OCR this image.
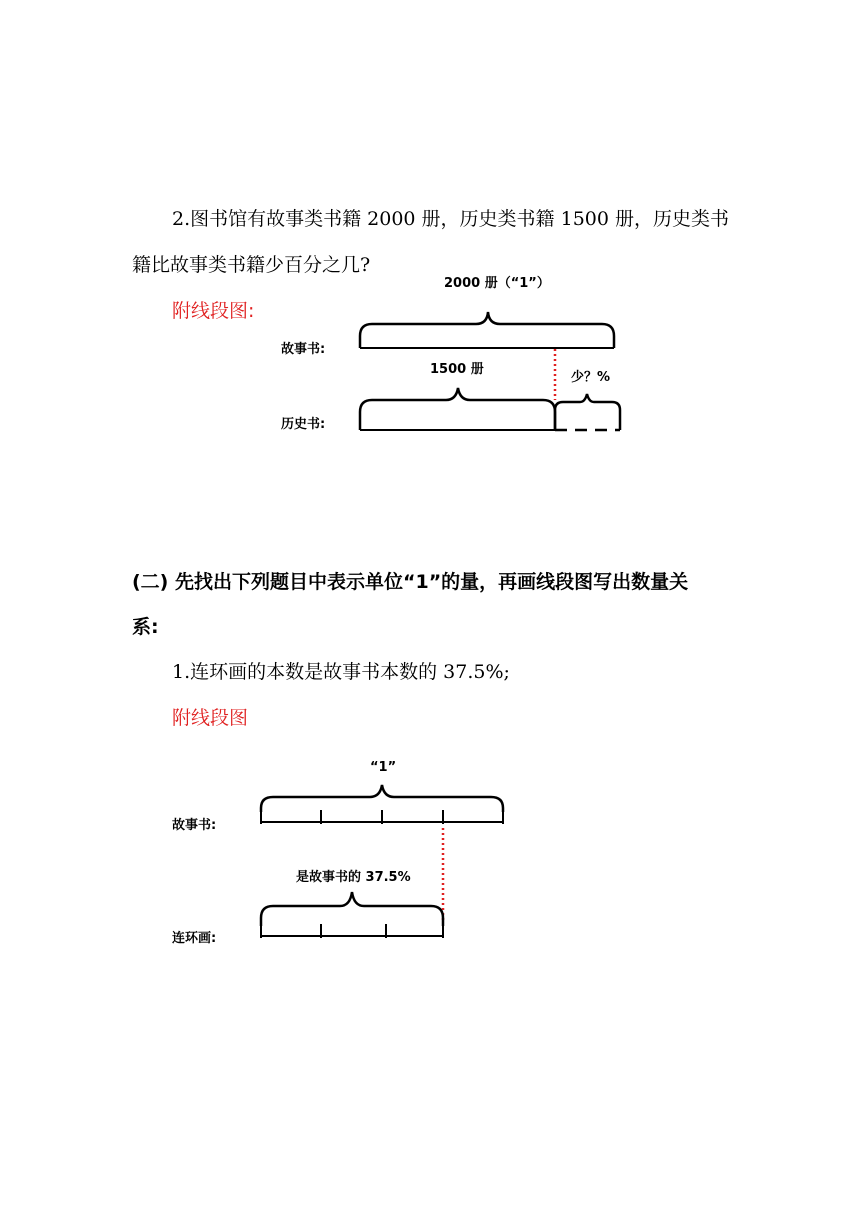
2.图书馆有故事类书籍 2000 册，历史类书籍 1500 册，历史类书
籍比故事类书籍少百分之几?
附线段图:
2000 册（“1”）
故事书:
1500 册
少？%
历史书:
(二) 先找出下列题目中表示单位“1”的量，再画线段图写出数量关
系:
1.连环画的本数是故事书本数的 37.5%;
附线段图
“1”
故事书:
是故事书的 37.5%
连环画:
